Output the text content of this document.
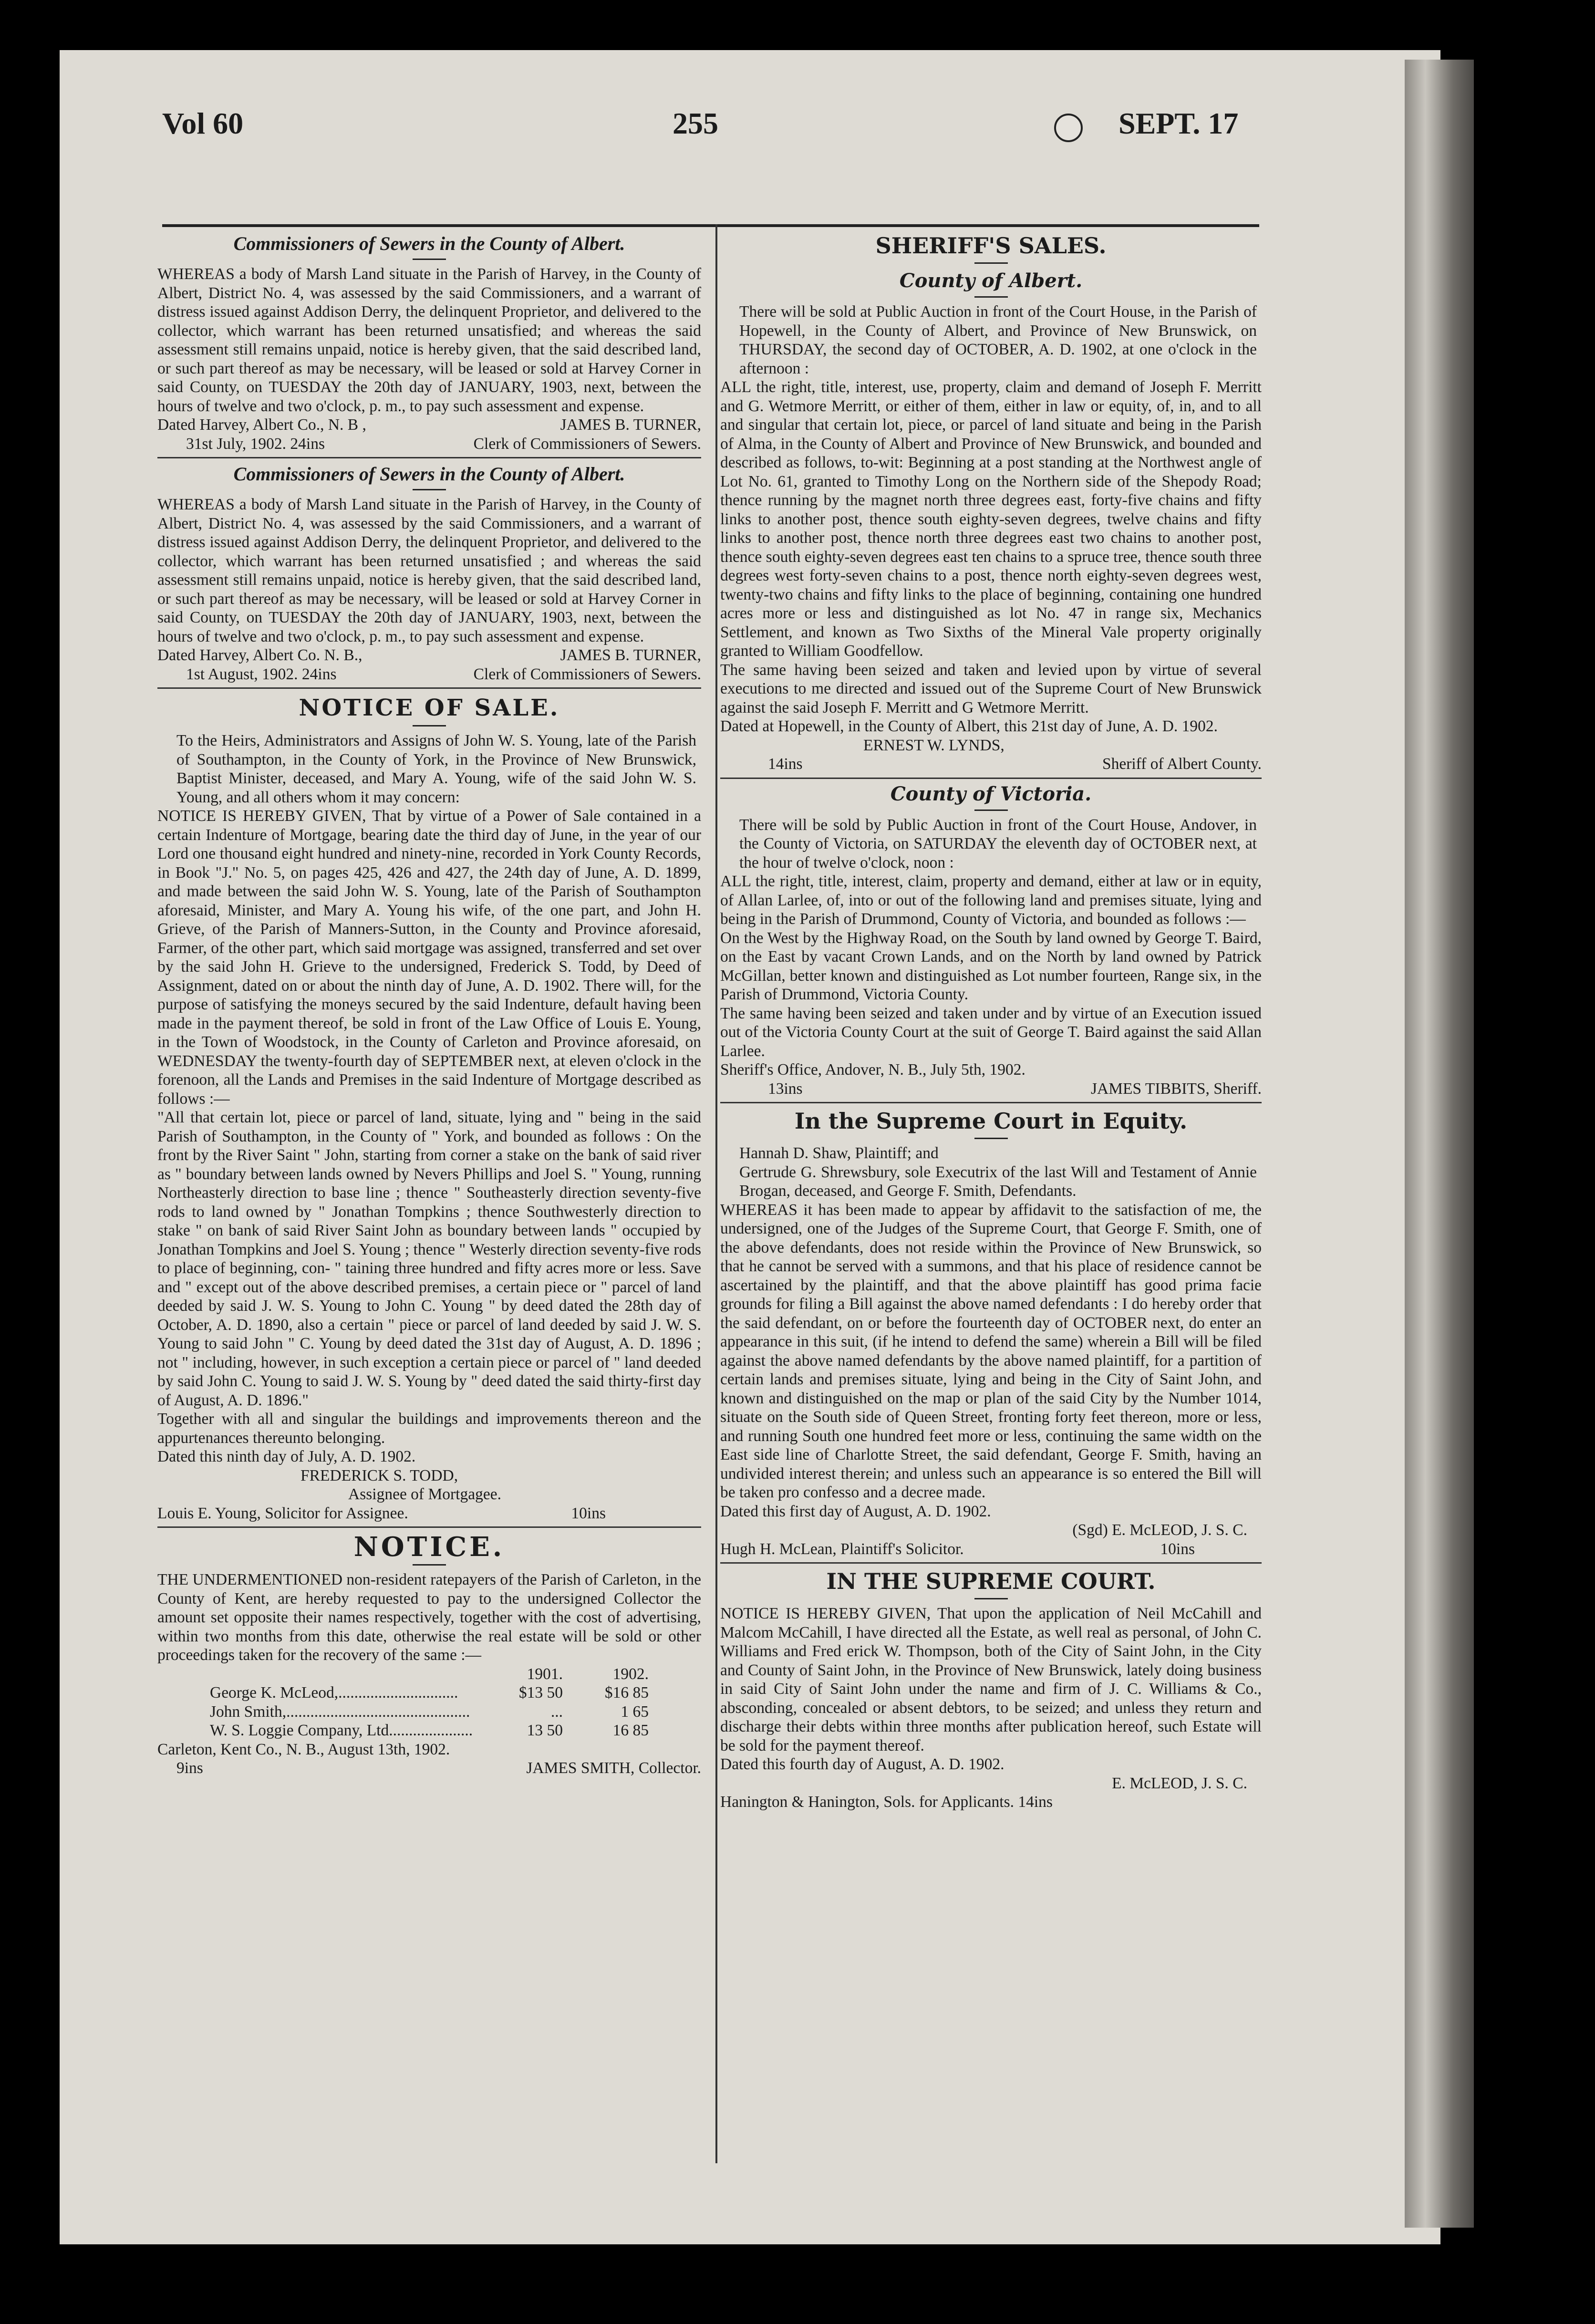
Vol 60	255	SEPT. 17
Commissioners of Sewers in the County of Albert.
WHEREAS a body of Marsh Land situate in the Parish of Harvey, in the County of Albert, District No. 4, was assessed by the said Commissioners, and a warrant of distress issued against Addison Derry, the delinquent Proprietor, and delivered to the collector, which warrant has been returned unsatisfied; and whereas the said assessment still remains unpaid, notice is hereby given, that the said described land, or such part thereof as may be necessary, will be leased or sold at Harvey Corner in said County, on TUESDAY the 20th day of JANUARY, 1903, next, between the hours of twelve and two o'clock, p. m., to pay such assessment and expense.
Dated Harvey, Albert Co., N. B ,	JAMES B. TURNER,
31st July, 1902. 24ins	Clerk of Commissioners of Sewers.
Commissioners of Sewers in the County of Albert.
WHEREAS a body of Marsh Land situate in the Parish of Harvey, in the County of Albert, District No. 4, was assessed by the said Commissioners, and a warrant of distress issued against Addison Derry, the delinquent Proprietor, and delivered to the collector, which warrant has been returned unsatisfied ; and whereas the said assessment still remains unpaid, notice is hereby given, that the said described land, or such part thereof as may be necessary, will be leased or sold at Harvey Corner in said County, on TUESDAY the 20th day of JANUARY, 1903, next, between the hours of twelve and two o'clock, p. m., to pay such assessment and expense.
Dated Harvey, Albert Co. N. B.,	JAMES B. TURNER,
1st August, 1902. 24ins	Clerk of Commissioners of Sewers.
NOTICE OF SALE.
To the Heirs, Administrators and Assigns of John W. S. Young, late of the Parish of Southampton, in the County of York, in the Province of New Brunswick, Baptist Minister, deceased, and Mary A. Young, wife of the said John W. S. Young, and all others whom it may concern:
NOTICE IS HEREBY GIVEN, That by virtue of a Power of Sale contained in a certain Indenture of Mortgage, bearing date the third day of June, in the year of our Lord one thousand eight hundred and ninety-nine, recorded in York County Records, in Book "J." No. 5, on pages 425, 426 and 427, the 24th day of June, A. D. 1899, and made between the said John W. S. Young, late of the Parish of Southampton aforesaid, Minister, and Mary A. Young his wife, of the one part, and John H. Grieve, of the Parish of Manners-Sutton, in the County and Province aforesaid, Farmer, of the other part, which said mortgage was assigned, transferred and set over by the said John H. Grieve to the undersigned, Frederick S. Todd, by Deed of Assignment, dated on or about the ninth day of June, A. D. 1902. There will, for the purpose of satisfying the moneys secured by the said Indenture, default having been made in the payment thereof, be sold in front of the Law Office of Louis E. Young, in the Town of Woodstock, in the County of Carleton and Province aforesaid, on WEDNESDAY the twenty-fourth day of SEPTEMBER next, at eleven o'clock in the forenoon, all the Lands and Premises in the said Indenture of Mortgage described as follows :—
"All that certain lot, piece or parcel of land, situate, lying and " being in the said Parish of Southampton, in the County of " York, and bounded as follows : On the front by the River Saint " John, starting from corner a stake on the bank of said river as " boundary between lands owned by Nevers Phillips and Joel S. " Young, running Northeasterly direction to base line ; thence " Southeasterly direction seventy-five rods to land owned by " Jonathan Tompkins ; thence Southwesterly direction to stake " on bank of said River Saint John as boundary between lands " occupied by Jonathan Tompkins and Joel S. Young ; thence " Westerly direction seventy-five rods to place of beginning, con- " taining three hundred and fifty acres more or less. Save and " except out of the above described premises, a certain piece or " parcel of land deeded by said J. W. S. Young to John C. Young " by deed dated the 28th day of October, A. D. 1890, also a certain " piece or parcel of land deeded by said J. W. S. Young to said John " C. Young by deed dated the 31st day of August, A. D. 1896 ; not " including, however, in such exception a certain piece or parcel of " land deeded by said John C. Young to said J. W. S. Young by " deed dated the said thirty-first day of August, A. D. 1896."
Together with all and singular the buildings and improvements thereon and the appurtenances thereunto belonging.
Dated this ninth day of July, A. D. 1902.
FREDERICK S. TODD,
Assignee of Mortgagee.
Louis E. Young, Solicitor for Assignee.	10ins
NOTICE.
THE UNDERMENTIONED non-resident ratepayers of the Parish of Carleton, in the County of Kent, are hereby requested to pay to the undersigned Collector the amount set opposite their names respectively, together with the cost of advertising, within two months from this date, otherwise the real estate will be sold or other proceedings taken for the recovery of the same :—
1901.	1902.
George K. McLeod,..............................	$13 50	$16 85
John Smith,..............................................	...	1 65
W. S. Loggie Company, Ltd.....................	13 50	16 85
Carleton, Kent Co., N. B., August 13th, 1902.
9ins	JAMES SMITH, Collector.
SHERIFF'S SALES.
County of Albert.
There will be sold at Public Auction in front of the Court House, in the Parish of Hopewell, in the County of Albert, and Province of New Brunswick, on THURSDAY, the second day of OCTOBER, A. D. 1902, at one o'clock in the afternoon :
ALL the right, title, interest, use, property, claim and demand of Joseph F. Merritt and G. Wetmore Merritt, or either of them, either in law or equity, of, in, and to all and singular that certain lot, piece, or parcel of land situate and being in the Parish of Alma, in the County of Albert and Province of New Brunswick, and bounded and described as follows, to-wit: Beginning at a post standing at the Northwest angle of Lot No. 61, granted to Timothy Long on the Northern side of the Shepody Road; thence running by the magnet north three degrees east, forty-five chains and fifty links to another post, thence south eighty-seven degrees, twelve chains and fifty links to another post, thence north three degrees east two chains to another post, thence south eighty-seven degrees east ten chains to a spruce tree, thence south three degrees west forty-seven chains to a post, thence north eighty-seven degrees west, twenty-two chains and fifty links to the place of beginning, containing one hundred acres more or less and distinguished as lot No. 47 in range six, Mechanics Settlement, and known as Two Sixths of the Mineral Vale property originally granted to William Goodfellow.
The same having been seized and taken and levied upon by virtue of several executions to me directed and issued out of the Supreme Court of New Brunswick against the said Joseph F. Merritt and G Wetmore Merritt.
Dated at Hopewell, in the County of Albert, this 21st day of June, A. D. 1902.
ERNEST W. LYNDS,
14ins	Sheriff of Albert County.
County of Victoria.
There will be sold by Public Auction in front of the Court House, Andover, in the County of Victoria, on SATURDAY the eleventh day of OCTOBER next, at the hour of twelve o'clock, noon :
ALL the right, title, interest, claim, property and demand, either at law or in equity, of Allan Larlee, of, into or out of the following land and premises situate, lying and being in the Parish of Drummond, County of Victoria, and bounded as follows :—
On the West by the Highway Road, on the South by land owned by George T. Baird, on the East by vacant Crown Lands, and on the North by land owned by Patrick McGillan, better known and distinguished as Lot number fourteen, Range six, in the Parish of Drummond, Victoria County.
The same having been seized and taken under and by virtue of an Execution issued out of the Victoria County Court at the suit of George T. Baird against the said Allan Larlee.
Sheriff's Office, Andover, N. B., July 5th, 1902.
13ins	JAMES TIBBITS, Sheriff.
In the Supreme Court in Equity.
Hannah D. Shaw, Plaintiff; and
Gertrude G. Shrewsbury, sole Executrix of the last Will and Testament of Annie Brogan, deceased, and George F. Smith, Defendants.
WHEREAS it has been made to appear by affidavit to the satisfaction of me, the undersigned, one of the Judges of the Supreme Court, that George F. Smith, one of the above defendants, does not reside within the Province of New Brunswick, so that he cannot be served with a summons, and that his place of residence cannot be ascertained by the plaintiff, and that the above plaintiff has good prima facie grounds for filing a Bill against the above named defendants : I do hereby order that the said defendant, on or before the fourteenth day of OCTOBER next, do enter an appearance in this suit, (if he intend to defend the same) wherein a Bill will be filed against the above named defendants by the above named plaintiff, for a partition of certain lands and premises situate, lying and being in the City of Saint John, and known and distinguished on the map or plan of the said City by the Number 1014, situate on the South side of Queen Street, fronting forty feet thereon, more or less, and running South one hundred feet more or less, continuing the same width on the East side line of Charlotte Street, the said defendant, George F. Smith, having an undivided interest therein; and unless such an appearance is so entered the Bill will be taken pro confesso and a decree made.
Dated this first day of August, A. D. 1902.
(Sgd) E. McLEOD, J. S. C.
Hugh H. McLean, Plaintiff's Solicitor.	10ins
IN THE SUPREME COURT.
NOTICE IS HEREBY GIVEN, That upon the application of Neil McCahill and Malcom McCahill, I have directed all the Estate, as well real as personal, of John C. Williams and Fred erick W. Thompson, both of the City of Saint John, in the City and County of Saint John, in the Province of New Brunswick, lately doing business in said City of Saint John under the name and firm of J. C. Williams & Co., absconding, concealed or absent debtors, to be seized; and unless they return and discharge their debts within three months after publication hereof, such Estate will be sold for the payment thereof.
Dated this fourth day of August, A. D. 1902.
E. McLEOD, J. S. C.
Hanington & Hanington, Sols. for Applicants. 14ins
